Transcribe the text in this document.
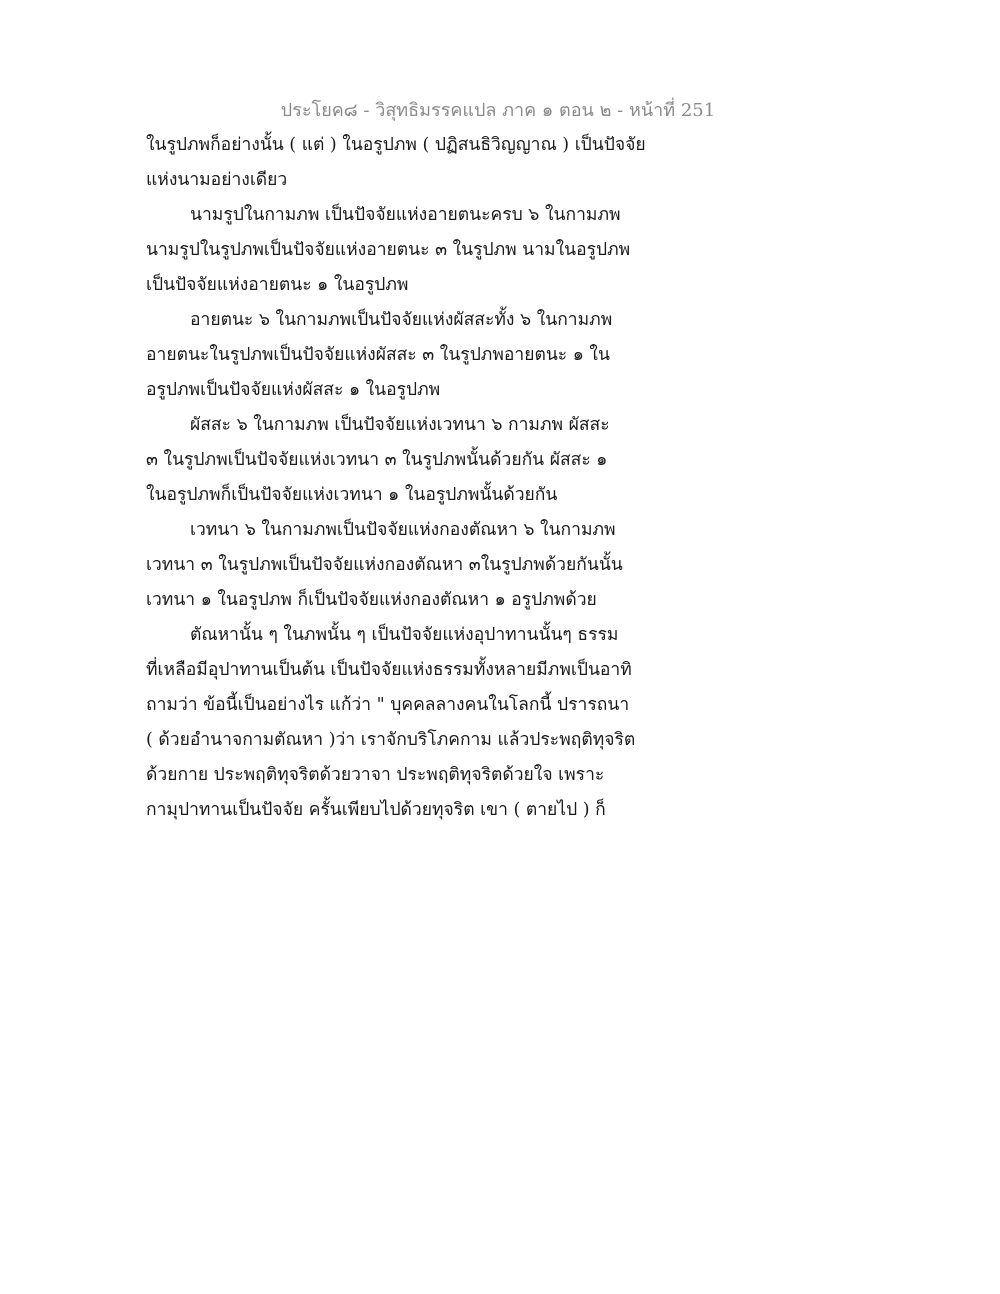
ประโยค๘ - วิสุทธิมรรคแปล ภาค ๑ ตอน ๒ - หน้าที่ 251
ในรูปภพก็อย่างนั้น ( แต่ ) ในอรูปภพ ( ปฏิสนธิวิญญาณ ) เป็นปัจจัย
แห่งนามอย่างเดียว
นามรูปในกามภพ เป็นปัจจัยแห่งอายตนะครบ ๖ ในกามภพ
นามรูปในรูปภพเป็นปัจจัยแห่งอายตนะ ๓ ในรูปภพ นามในอรูปภพ
เป็นปัจจัยแห่งอายตนะ ๑ ในอรูปภพ
อายตนะ ๖ ในกามภพเป็นปัจจัยแห่งผัสสะทั้ง ๖ ในกามภพ
อายตนะในรูปภพเป็นปัจจัยแห่งผัสสะ ๓ ในรูปภพอายตนะ ๑ ใน
อรูปภพเป็นปัจจัยแห่งผัสสะ ๑ ในอรูปภพ
ผัสสะ ๖ ในกามภพ เป็นปัจจัยแห่งเวทนา ๖ กามภพ ผัสสะ
๓ ในรูปภพเป็นปัจจัยแห่งเวทนา ๓ ในรูปภพนั้นด้วยกัน ผัสสะ ๑
ในอรูปภพก็เป็นปัจจัยแห่งเวทนา ๑ ในอรูปภพนั้นด้วยกัน
เวทนา ๖ ในกามภพเป็นปัจจัยแห่งกองตัณหา ๖ ในกามภพ
เวทนา ๓ ในรูปภพเป็นปัจจัยแห่งกองตัณหา ๓ในรูปภพด้วยกันนั้น
เวทนา ๑ ในอรูปภพ ก็เป็นปัจจัยแห่งกองตัณหา ๑ อรูปภพด้วย
ตัณหานั้น ๆ ในภพนั้น ๆ เป็นปัจจัยแห่งอุปาทานนั้นๆ ธรรม
ที่เหลือมีอุปาทานเป็นต้น เป็นปัจจัยแห่งธรรมทั้งหลายมีภพเป็นอาทิ
ถามว่า ข้อนี้เป็นอย่างไร แก้ว่า " บุคคลลางคนในโลกนี้ ปรารถนา
( ด้วยอำนาจกามตัณหา )ว่า เราจักบริโภคกาม แล้วประพฤติทุจริต
ด้วยกาย ประพฤติทุจริตด้วยวาจา ประพฤติทุจริตด้วยใจ เพราะ
กามุปาทานเป็นปัจจัย ครั้นเพียบไปด้วยทุจริต เขา ( ตายไป ) ก็
